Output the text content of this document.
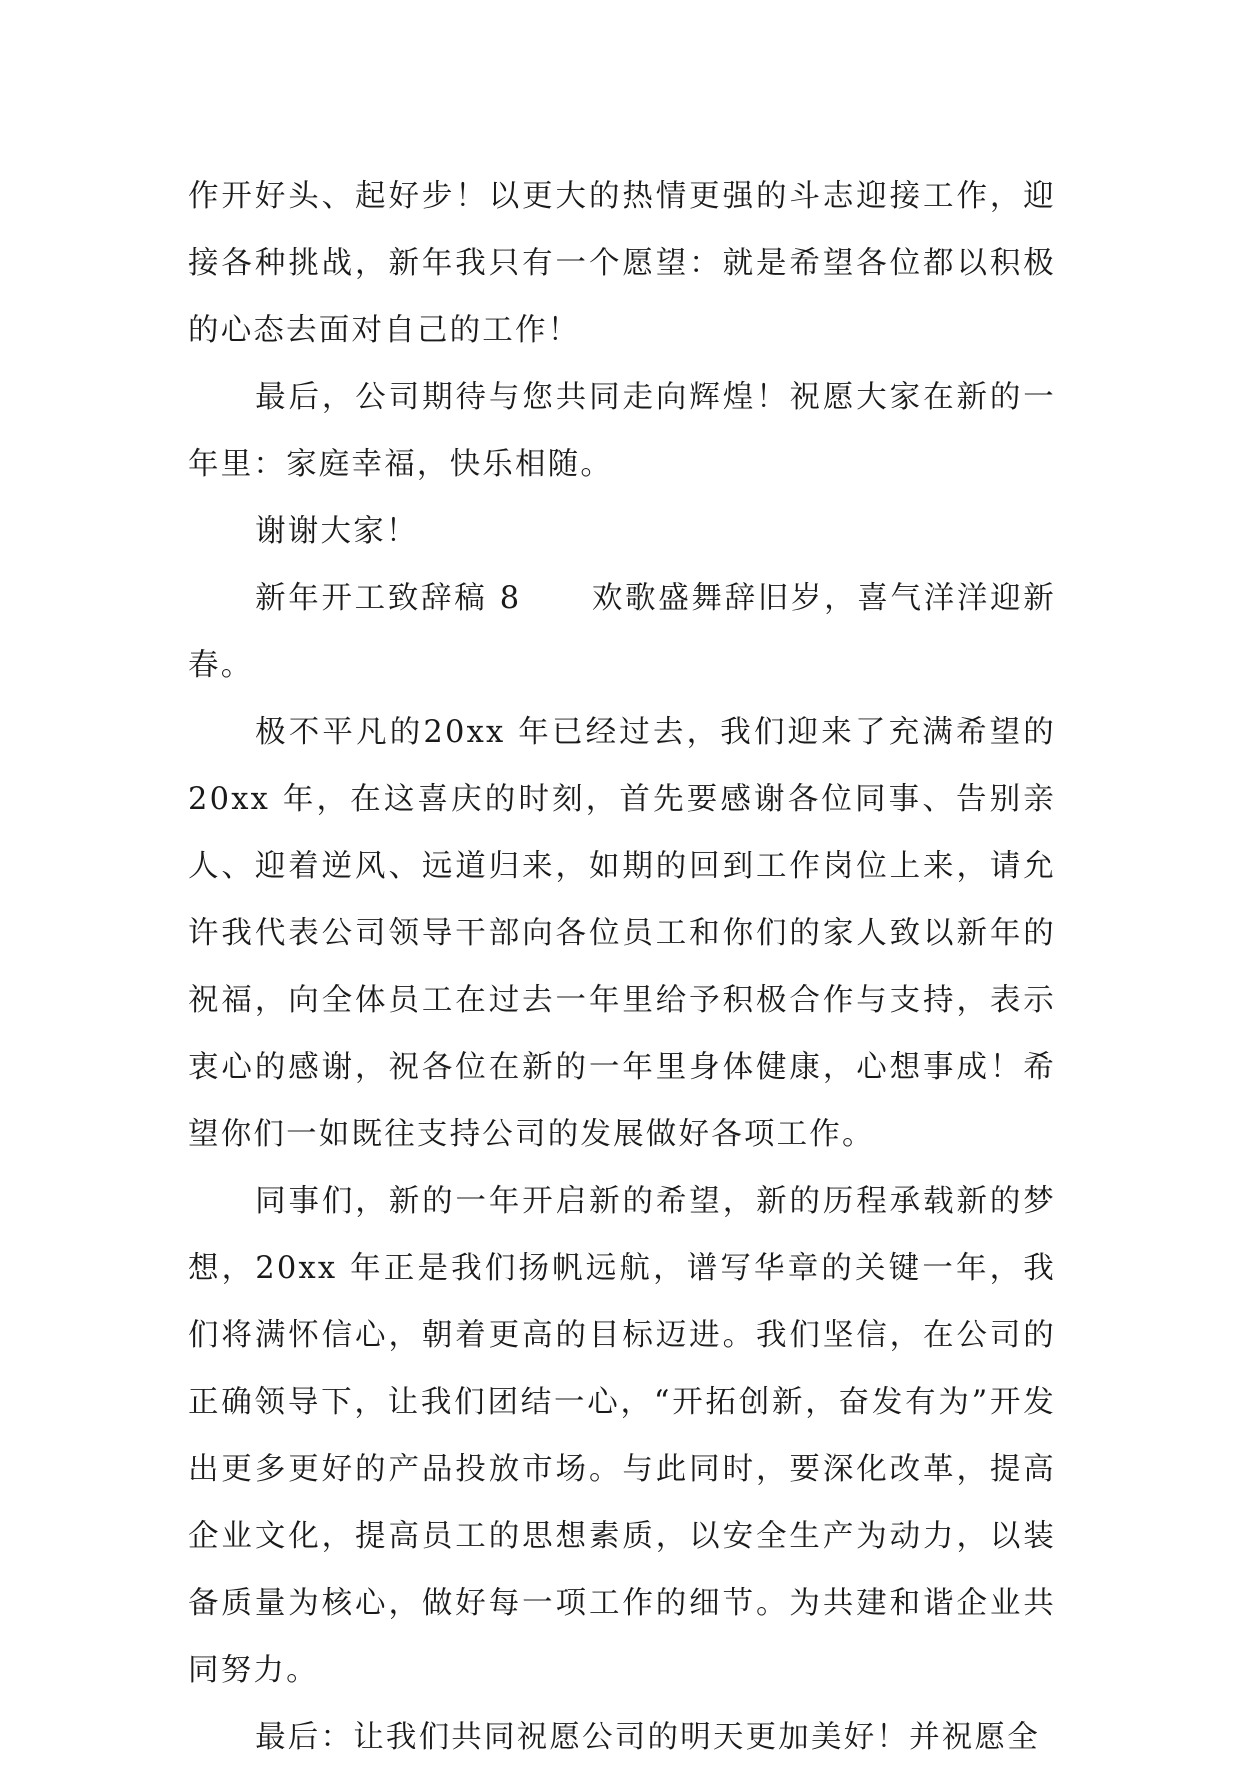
作开好头、起好步！以更大的热情更强的斗志迎接工作，迎接各种挑战，新年我只有一个愿望：就是希望各位都以积极的心态去面对自己的工作！

最后，公司期待与您共同走向辉煌！祝愿大家在新的一年里：家庭幸福，快乐相随。

谢谢大家！

新年开工致辞稿 8 欢歌盛舞辞旧岁，喜气洋洋迎新春。

极不平凡的20xx 年已经过去，我们迎来了充满希望的20xx 年，在这喜庆的时刻，首先要感谢各位同事、告别亲人、迎着逆风、远道归来，如期的回到工作岗位上来，请允许我代表公司领导干部向各位员工和你们的家人致以新年的祝福，向全体员工在过去一年里给予积极合作与支持，表示衷心的感谢，祝各位在新的一年里身体健康，心想事成！希望你们一如既往支持公司的发展做好各项工作。

同事们，新的一年开启新的希望，新的历程承载新的梦想，20xx 年正是我们扬帆远航，谱写华章的关键一年，我们将满怀信心，朝着更高的目标迈进。我们坚信，在公司的正确领导下，让我们团结一心，“开拓创新，奋发有为”开发出更多更好的产品投放市场。与此同时，要深化改革，提高企业文化，提高员工的思想素质，以安全生产为动力，以装备质量为核心，做好每一项工作的细节。为共建和谐企业共同努力。

最后：让我们共同祝愿公司的明天更加美好！并祝愿全
